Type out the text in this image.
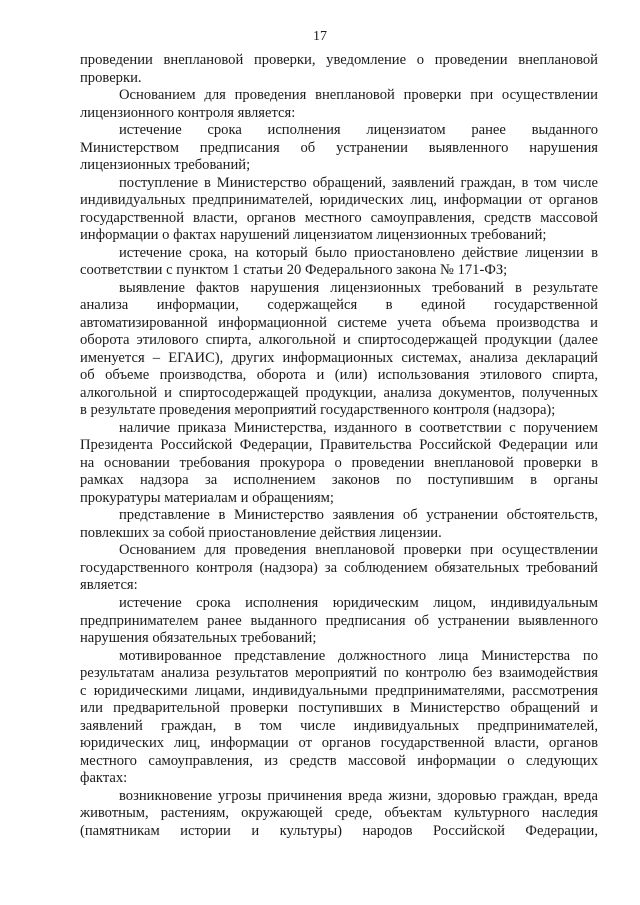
17
проведении внеплановой проверки, уведомление о проведении внеплановой
проверки.
Основанием для проведения внеплановой проверки при осуществлении
лицензионного контроля является:
истечение срока исполнения лицензиатом ранее выданного
Министерством предписания об устранении выявленного нарушения
лицензионных требований;
поступление в Министерство обращений, заявлений граждан, в том числе
индивидуальных предпринимателей, юридических лиц, информации от органов
государственной власти, органов местного самоуправления, средств массовой
информации о фактах нарушений лицензиатом лицензионных требований;
истечение срока, на который было приостановлено действие лицензии в
соответствии с пунктом 1 статьи 20 Федерального закона № 171-ФЗ;
выявление фактов нарушения лицензионных требований в результате
анализа информации, содержащейся в единой государственной
автоматизированной информационной системе учета объема производства и
оборота этилового спирта, алкогольной и спиртосодержащей продукции (далее
именуется – ЕГАИС), других информационных системах, анализа деклараций
об объеме производства, оборота и (или) использования этилового спирта,
алкогольной и спиртосодержащей продукции, анализа документов, полученных
в результате проведения мероприятий государственного контроля (надзора);
наличие приказа Министерства, изданного в соответствии с поручением
Президента Российской Федерации, Правительства Российской Федерации или
на основании требования прокурора о проведении внеплановой проверки в
рамках надзора за исполнением законов по поступившим в органы
прокуратуры материалам и обращениям;
представление в Министерство заявления об устранении обстоятельств,
повлекших за собой приостановление действия лицензии.
Основанием для проведения внеплановой проверки при осуществлении
государственного контроля (надзора) за соблюдением обязательных требований
является:
истечение срока исполнения юридическим лицом, индивидуальным
предпринимателем ранее выданного предписания об устранении выявленного
нарушения обязательных требований;
мотивированное представление должностного лица Министерства по
результатам анализа результатов мероприятий по контролю без взаимодействия
с юридическими лицами, индивидуальными предпринимателями, рассмотрения
или предварительной проверки поступивших в Министерство обращений и
заявлений граждан, в том числе индивидуальных предпринимателей,
юридических лиц, информации от органов государственной власти, органов
местного самоуправления, из средств массовой информации о следующих
фактах:
возникновение угрозы причинения вреда жизни, здоровью граждан, вреда
животным, растениям, окружающей среде, объектам культурного наследия
(памятникам истории и культуры) народов Российской Федерации,
